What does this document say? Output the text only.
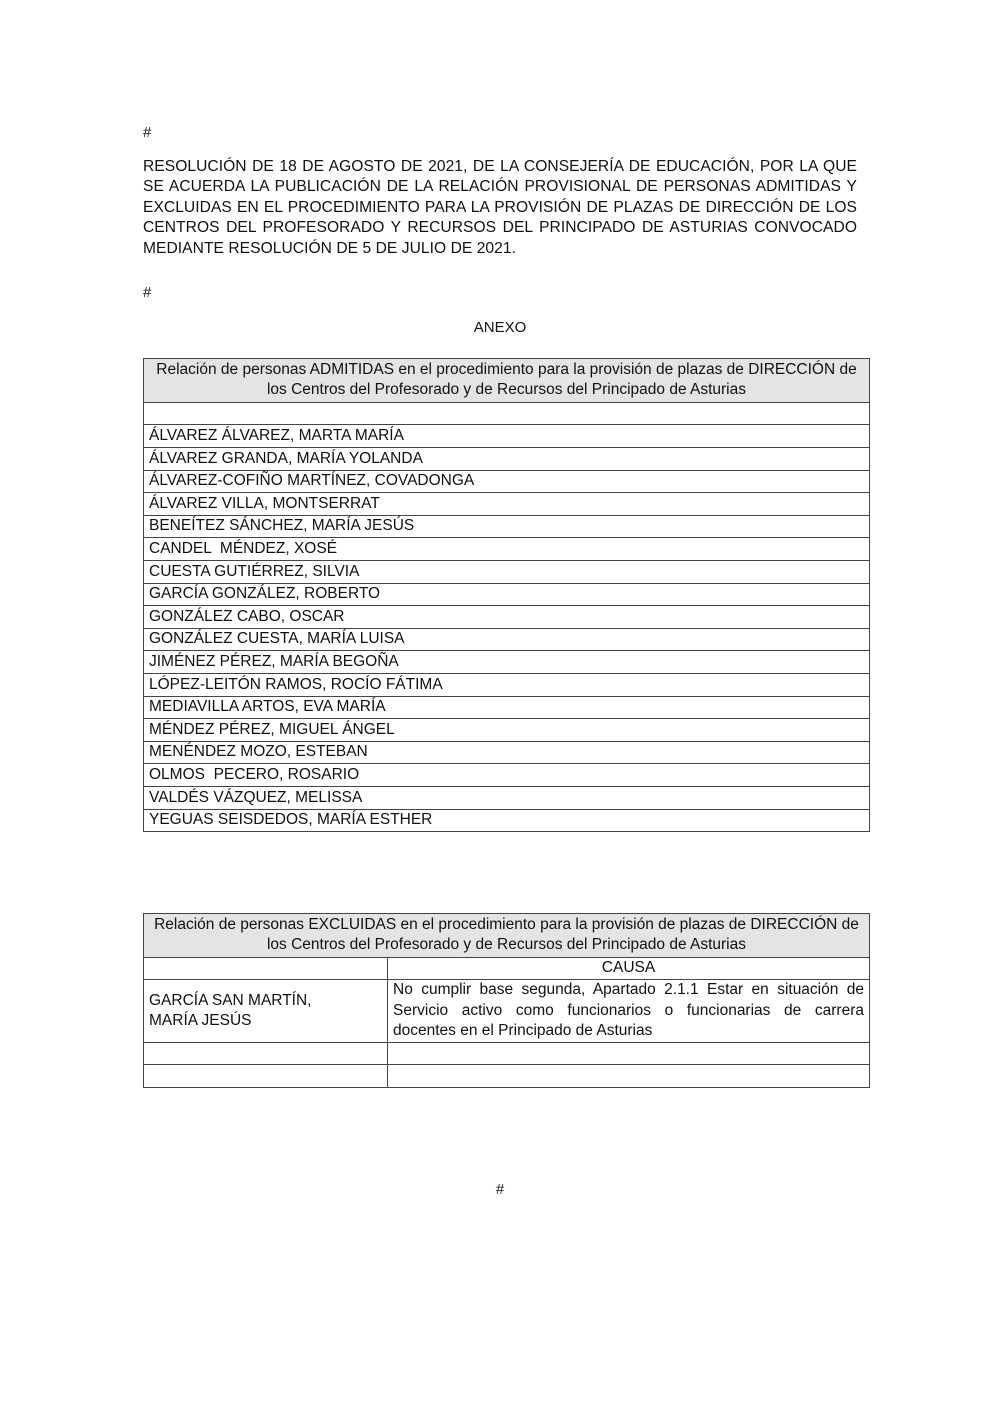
#
RESOLUCIÓN DE 18 DE AGOSTO DE 2021, DE LA CONSEJERÍA DE EDUCACIÓN, POR LA QUE SE ACUERDA LA PUBLICACIÓN DE LA RELACIÓN PROVISIONAL DE PERSONAS ADMITIDAS Y EXCLUIDAS EN EL PROCEDIMIENTO PARA LA PROVISIÓN DE PLAZAS DE DIRECCIÓN DE LOS CENTROS DEL PROFESORADO Y RECURSOS DEL PRINCIPADO DE ASTURIAS CONVOCADO MEDIANTE RESOLUCIÓN DE 5 DE JULIO DE 2021.
#
ANEXO
Relación de personas ADMITIDAS en el procedimiento para la provisión de plazas de DIRECCIÓN de los Centros del Profesorado y de Recursos del Principado de Asturias

ÁLVAREZ ÁLVAREZ, MARTA MARÍA
ÁLVAREZ GRANDA, MARÍA YOLANDA
ÁLVAREZ-COFIÑO MARTÍNEZ, COVADONGA
ÁLVAREZ VILLA, MONTSERRAT
BENEÍTEZ SÁNCHEZ, MARÍA JESÚS
CANDEL  MÉNDEZ, XOSÉ
CUESTA GUTIÉRREZ, SILVIA
GARCÍA GONZÁLEZ, ROBERTO
GONZÁLEZ CABO, OSCAR
GONZÁLEZ CUESTA, MARÍA LUISA
JIMÉNEZ PÉREZ, MARÍA BEGOÑA
LÓPEZ-LEITÓN RAMOS, ROCÍO FÁTIMA
MEDIAVILLA ARTOS, EVA MARÍA
MÉNDEZ PÉREZ, MIGUEL ÁNGEL
MENÉNDEZ MOZO, ESTEBAN
OLMOS  PECERO, ROSARIO
VALDÉS VÁZQUEZ, MELISSA
YEGUAS SEISDEDOS, MARÍA ESTHER
Relación de personas EXCLUIDAS en el procedimiento para la provisión de plazas de DIRECCIÓN de los Centros del Profesorado y de Recursos del Principado de Asturias	
	CAUSA
GARCÍA SAN MARTÍN, MARÍA JESÚS	No cumplir base segunda, Apartado 2.1.1 Estar en situación de Servicio activo como funcionarios o funcionarias de carrera docentes en el Principado de Asturias

#
